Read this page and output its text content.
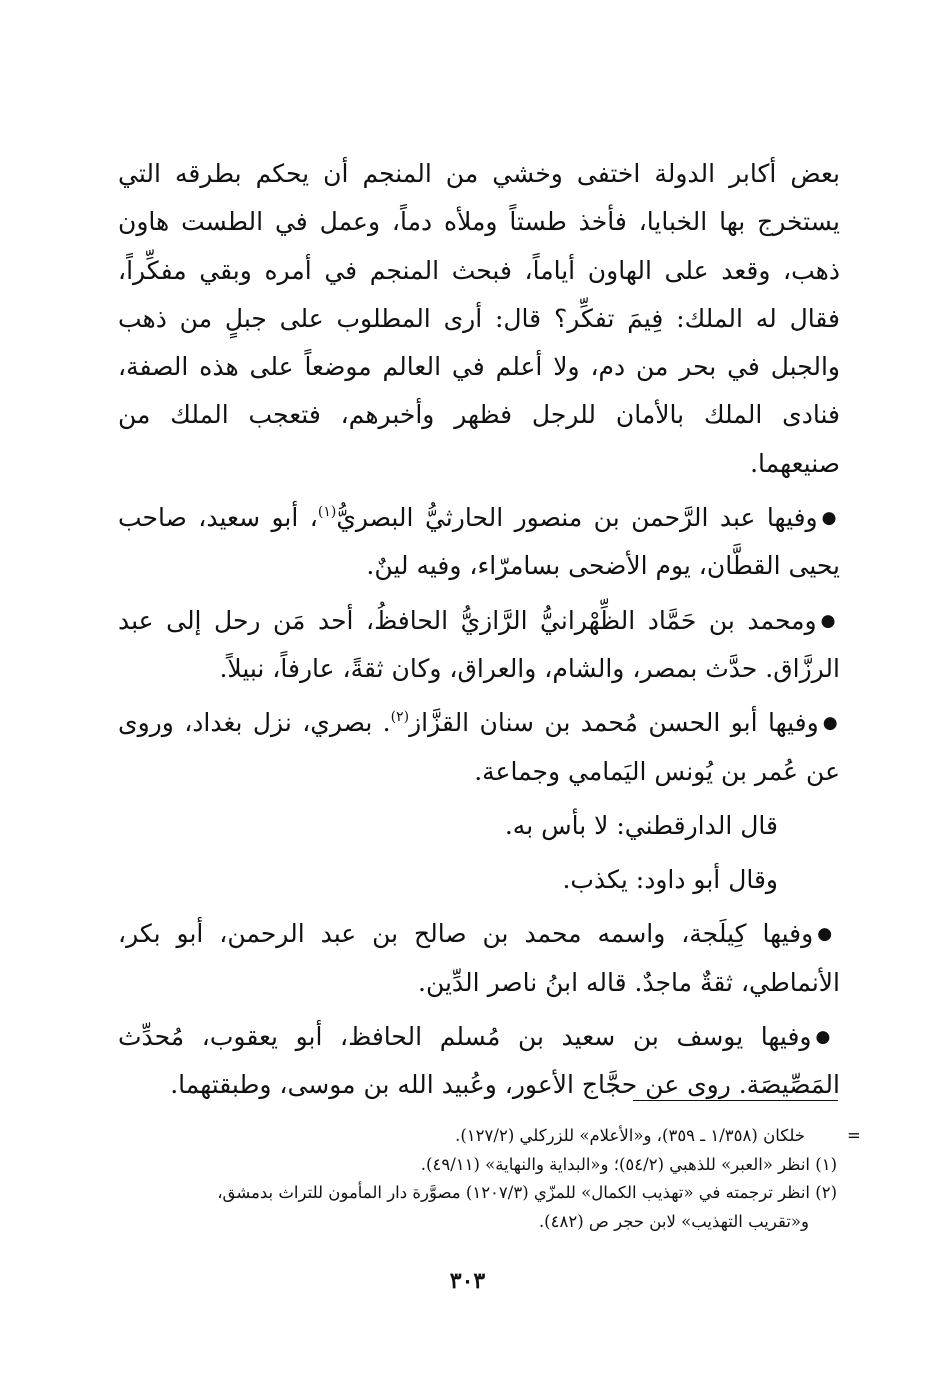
بعض أكابر الدولة اختفى وخشي من المنجم أن يحكم بطرقه التي يستخرج بها الخبايا، فأخذ طستاً وملأه دماً، وعمل في الطست هاون ذهب، وقعد على الهاون أياماً، فبحث المنجم في أمره وبقي مفكِّراً، فقال له الملك: فِيمَ تفكِّر؟ قال: أرى المطلوب على جبلٍ من ذهب والجبل في بحر من دم، ولا أعلم في العالم موضعاً على هذه الصفة، فنادى الملك بالأمان للرجل فظهر وأخبرهم، فتعجب الملك من صنيعهما.

●وفيها عبد الرَّحمن بن منصور الحارثيُّ البصريُّ$^{(١)}$، أبو سعيد، صاحب يحيى القطَّان، يوم الأضحى بسامرّاء، وفيه لينٌ.

●ومحمد بن حَمَّاد الظِّهْرانيُّ الرَّازيُّ الحافظُ، أحد مَن رحل إلى عبد الرزَّاق. حدَّث بمصر، والشام، والعراق، وكان ثقةً، عارفاً، نبيلاً.

●وفيها أبو الحسن مُحمد بن سنان القزَّاز$^{(٢)}$. بصري، نزل بغداد، وروى عن عُمر بن يُونس اليَمامي وجماعة.

قال الدارقطني: لا بأس به.

وقال أبو داود: يكذب.

●وفيها كِيلَجة، واسمه محمد بن صالح بن عبد الرحمن، أبو بكر، الأنماطي، ثقةٌ ماجدٌ. قاله ابنُ ناصر الدِّين.

●وفيها يوسف بن سعيد بن مُسلم الحافظ، أبو يعقوب، مُحدِّث المَصِّيصَة. روى عن حجَّاج الأعور، وعُبيد الله بن موسى، وطبقتهما.

=

خلكان (١/٣٥٨ ـ ٣٥٩)، و«الأعلام» للزركلي (١٢٧/٢).

(١) انظر «العبر» للذهبي (٥٤/٢)؛ و«البداية والنهاية» (٤٩/١١).

(٢) انظر ترجمته في «تهذيب الكمال» للمزّي (١٢٠٧/٣) مصوَّرة دار المأمون للتراث بدمشق،

و«تقريب التهذيب» لابن حجر ص (٤٨٢).

٣٠٣
